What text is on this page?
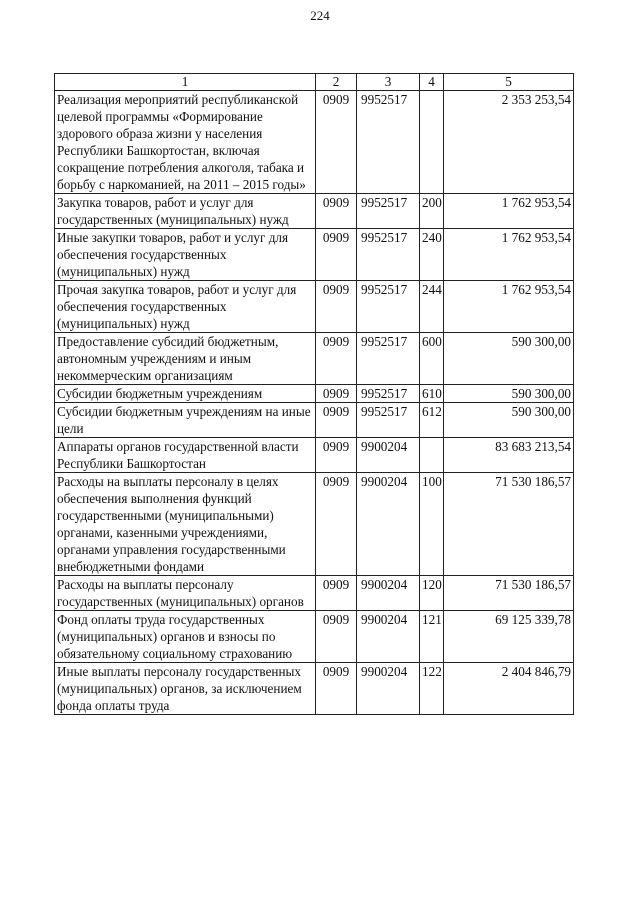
224
1	2	3	4	5
Реализация мероприятий республиканской целевой программы «Формирование здорового образа жизни у населения Республики Башкортостан, включая сокращение потребления алкоголя, табака и борьбу с наркоманией, на 2011 – 2015 годы»	0909	9952517		2 353 253,54
Закупка товаров, работ и услуг для государственных (муниципальных) нужд	0909	9952517	200	1 762 953,54
Иные закупки товаров, работ и услуг для обеспечения государственных (муниципальных) нужд	0909	9952517	240	1 762 953,54
Прочая закупка товаров, работ и услуг для обеспечения государственных (муниципальных) нужд	0909	9952517	244	1 762 953,54
Предоставление субсидий бюджетным, автономным учреждениям и иным некоммерческим организациям	0909	9952517	600	590 300,00
Субсидии бюджетным учреждениям	0909	9952517	610	590 300,00
Субсидии бюджетным учреждениям на иные цели	0909	9952517	612	590 300,00
Аппараты органов государственной власти Республики Башкортостан	0909	9900204		83 683 213,54
Расходы на выплаты персоналу в целях обеспечения выполнения функций государственными (муниципальными) органами, казенными учреждениями, органами управления государственными внебюджетными фондами	0909	9900204	100	71 530 186,57
Расходы на выплаты персоналу государственных (муниципальных) органов	0909	9900204	120	71 530 186,57
Фонд оплаты труда государственных (муниципальных) органов и взносы по обязательному социальному страхованию	0909	9900204	121	69 125 339,78
Иные выплаты персоналу государственных (муниципальных) органов, за исключением фонда оплаты труда	0909	9900204	122	2 404 846,79
